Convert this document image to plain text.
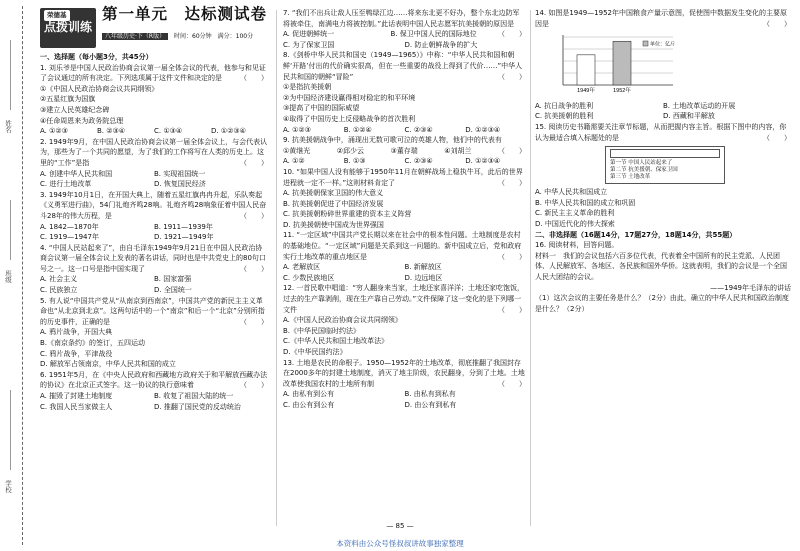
姓名
班级
学校
荣德基
点拨训练
第一单元　达标测试卷
八年级历史·下（R版） 时间：60分钟　满分：100分
一、选择题（每小题3分，共45分）
1. 刘乐爷是中国人民政治协商会议第一届全体会议的代表，他参与和见证了会议通过的所有决定。下列选项属于这件文件和决定的是	（　　）
①《中国人民政治协商会议共同纲领》
②五星红旗为国旗
③建立人民英雄纪念碑
④任命周恩来为政务院总理
A. ①②③	B. ②③④	C. ①③④	D. ①②③④
2. 1949年9月，在中国人民政治协商会议第一届全体会议上，与会代表认为，那些为了一个共同的愿望，为了我们的工作将写在人类的历史上。这里的“工作”是指	（　　）
A. 创建中华人民共和国	B. 实现祖国统一
C. 进行土地改革	D. 恢复国民经济
3. 1949年10月1日，在开国大典上，随着五星红旗冉冉升起，乐队奏起《义勇军进行曲》，54门礼炮齐鸣28响。礼炮齐鸣28响象征着中国人民奋斗28年的伟大历程，是	（　　）
A. 1842—1870年	B. 1911—1939年
C. 1919—1947年	D. 1921—1949年
4. “中国人民站起来了”，由自毛泽东1949年9月21日在中国人民政治协商会议第一届全体会议上发表的著名讲话，同时也是中共党史上的80句口号之一。这一口号是指中国实现了	（　　）
A. 社会主义	B. 国家富强
C. 民族独立	D. 全国统一
5. 有人说“中国共产党从“从南京到西南京”，中国共产党的新民主主义革命也“从北京到北京”。这两句话中的一个“南京”和后一个“北京”分别所指的历史事件，正确的是	（　　）
A. 鸦片战争，开国大典
B.《南京条约》的签订，五四运动
C. 鸦片战争，平津战役
D. 解放军占领南京，中华人民共和国的成立
6. 1951年5月，在《中央人民政府和西藏地方政府关于和平解放西藏办法的协议》在北京正式签字。这一协议的执行意味着	（　　）
A. 摧毁了封建土地制度	B. 收复了祖国大陆的统一
C. 我国人民当家做主人	D. 推翻了国民党的反动统治
7. “我们不出兵让敌人压至鸭绿江边……将来东北更不好办，整个东北边防军将被牵住，南满电力将被控制。”此话表明中国人民志愿军抗美援朝的原因是
（　　）
A. 促进朝鲜统一	B. 保卫中国人民的国际地位
C. 为了保家卫国	D. 防止朝鲜战争的扩大
8.《剑桥中华人民共和国史（1949—1965）》中称：“中华人民共和国和朝鲜‘开路’付出的代价确实很高，但在一些重要的战役上得到了代价……”中华人民共和国的朝鲜“冒险”	（　　）
①是指抗美援朝
②为中国经济建设赢得相对稳定的和平环境
③提高了中国的国际威望
④取得了中国历史上反侵略战争的首次胜利
A. ①②③	B. ①②④	C. ②③④	D. ①②③④
9. 抗美援朝战争中，涌现出无数可歌可泣的英雄人物，他们中的代表有
（　　）
①黄继光	②邱少云	③董存瑞	④刘胡兰
A. ①②	B. ①③	C. ②③④	D. ①②③④
10. “如果中国人没有能够于1950年11月在朝鲜战场上稳执牛耳，此后的世界进程就一定不一样。”这则材料肯定了	（　　）
A. 抗美援朝保家卫国的伟大意义
B. 抗美援朝促进了中国经济发展
C. 抗美援朝粉碎世界重建的资本主义阵营
D. 抗美援朝使中国成为世界强国
11. “一定区域”中国共产党长期以来在社会中的根本性问题。土地制度是农村的基础地位。“一定区域”问题是关系到这一问题的。新中国成立后，党和政府实行土地改革的重点地区是	（　　）
A. 老解放区	B. 新解放区
C. 少数民族地区	D. 边远地区
12. 一首民歌中唱道：“穷人翻身来当家，土地还家喜洋洋；土地还家吃饱饭，过去的生产靠剥削，现在生产靠自己劳动。”文件保障了这一变化的是下列哪一文件	（　　）
A.《中国人民政治协商会议共同纲领》
B.《中华民国临时约法》
C.《中华人民共和国土地改革法》
D.《中华民国约法》
13. 土地是农民的命根子。1950—1952年的土地改革，彻底推翻了我国封存在2000多年的封建土地制度，消灭了地主阶级，农民翻身，分到了土地。土地改革使我国农村的土地所有制	（　　）
A. 由私有到公有	B. 由私有到私有
C. 由公有到公有	D. 由公有到私有
14. 如图是1949—1952年中国粮食产量示意图，促使图中数据发生变化的主要原因是	（　　）
1949年	1952年
单位：亿斤
A. 抗日战争的胜利	B. 土地改革运动的开展
C. 抗美援朝的胜利	D. 西藏和平解放
15. 阅读历史书籍需要关注章节标题，从而把握内容主旨。根据下图中的内容，你认为最适合填入标题处的是	（　　）

第一节 中国人民站起来了
第二节 抗美援朝、保家卫国
第三节 土地改革
A. 中华人民共和国成立
B. 中华人民共和国的成立和巩固
C. 新民主主义革命的胜利
D. 中国近代化的伟大探索
二、非选择题（16题14分，17题27分，18题14分，共55题）
16. 阅读材料，回答问题。
材料一　我们的会议包括六百多位代表，代表着全中国所有的民主党派、人民团体、人民解放军、各地区、各民族和国外华侨。这就表明，我们的会议是一个全国人民大团结的会议。
——1949年毛泽东的讲话
（1）这次会议的主要任务是什么？（2分）由此，确立的中华人民共和国政治制度是什么？（2分）
— 85 —
本资料由公众号怪叔叔讲故事独家整理
